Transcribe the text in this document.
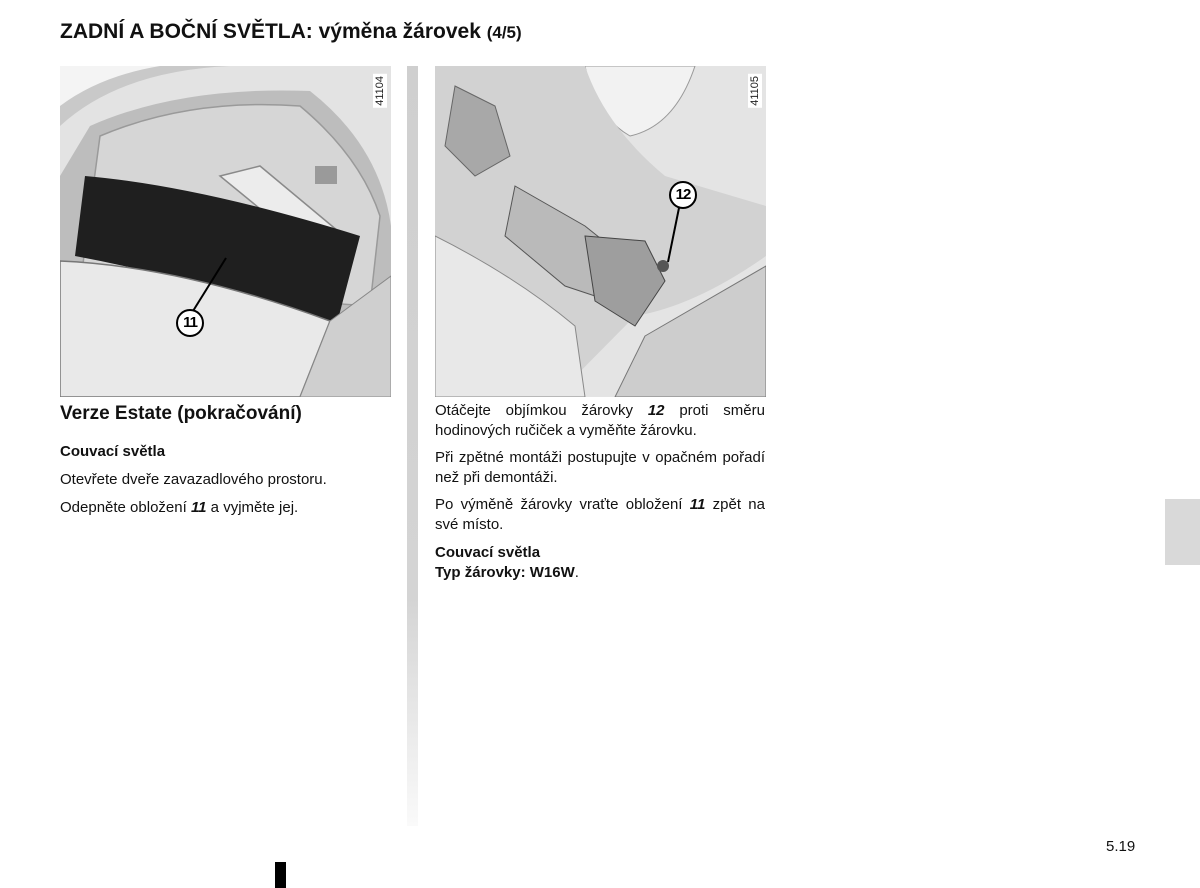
ZADNÍ A BOČNÍ SVĚTLA: výměna žárovek (4/5)
41104
11
41105
12
Verze Estate (pokračování)

Couvací světla

Otevřete dveře zavazadlového prostoru.

Odepněte obložení 11 a vyjměte jej.

Otáčejte objímkou žárovky 12 proti směru hodinových ručiček a vyměňte žárovku.

Při zpětné montáži postupujte v opačném pořadí než při demontáži.

Po výměně žárovky vraťte obložení 11 zpět na své místo.

Couvací světla
Typ žárovky: W16W.
5.19
